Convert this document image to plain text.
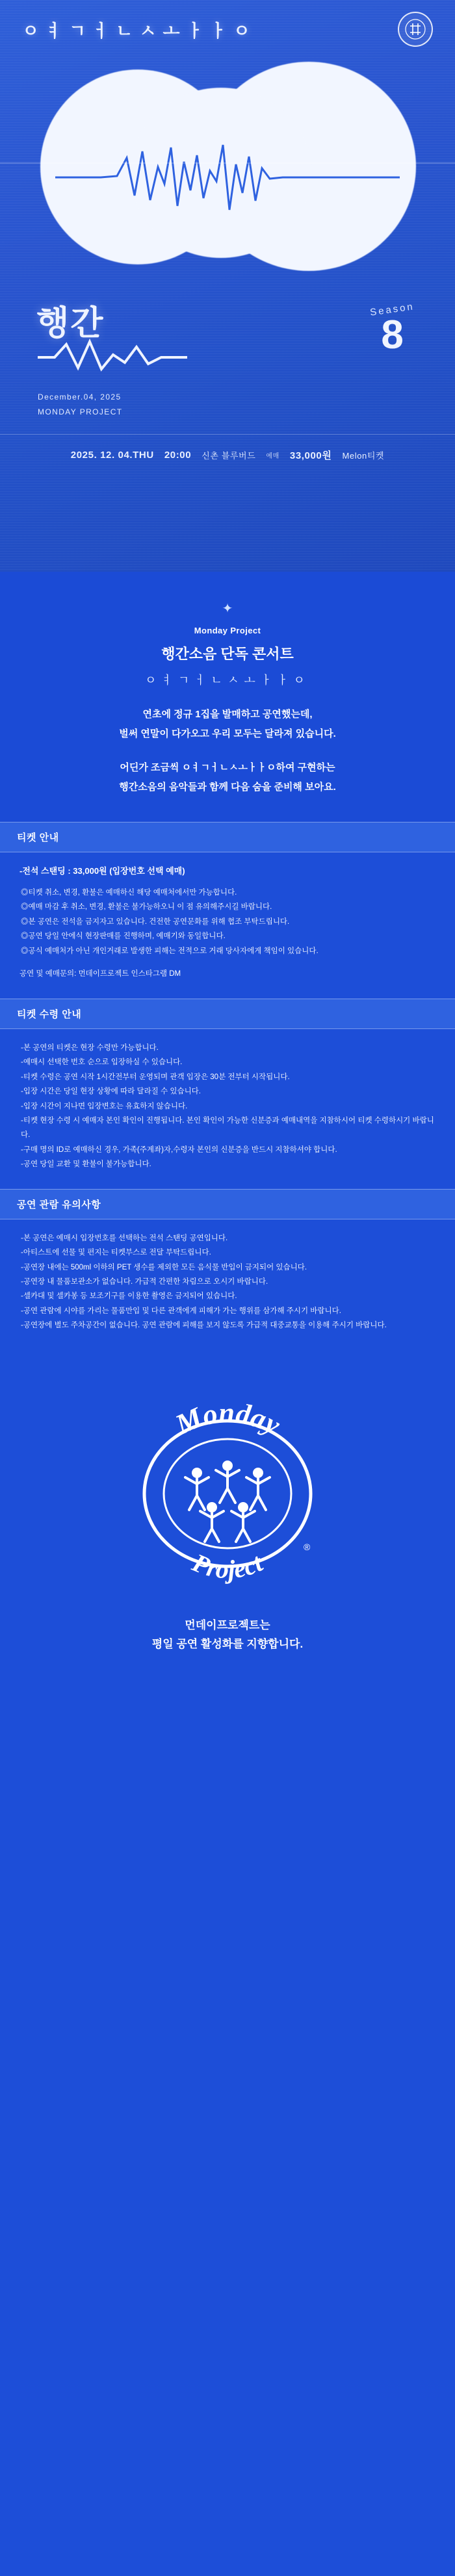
ㅇㅕㄱㅓㄴㅅㅗㅏㅏㅇ
행간	Season
8
December.04, 2025
MONDAY PROJECT
2025. 12. 04.THU 20:00 신촌 블루버드 예매 33,000원 Melon티켓
✦
Monday Project
행간소음 단독 콘서트
ㅇㅕㄱㅓㄴㅅㅗㅏㅏㅇ

연초에 정규 1집을 발매하고 공연했는데,

벌써 연말이 다가오고 우리 모두는 달라져 있습니다.

어딘가 조금씩 ㅇㅕㄱㅓㄴㅅㅗㅏㅏㅇ하여 구현하는

행간소음의 음악들과 함께 다음 숨을 준비해 보아요.

티켓 안내
-전석 스탠딩 : 33,000원 (입장번호 선택 예매)
◎티켓 취소, 변경, 환불은 예매하신 해당 예매처에서만 가능합니다.
◎예매 마감 후 취소, 변경, 환불은 불가능하오니 이 점 유의해주시길 바랍니다.
◎본 공연은 전석을 금지자고 있습니다. 건전한 공연문화를 위해 협조 부탁드립니다.
◎공연 당일 안에식 현장판매를 진행하며, 예매기와 동일합니다.
◎공식 예매처가 아닌 개인거래로 발생한 피해는 전적으로 거래 당사자에게 책임이 있습니다.
공연 및 예매문의: 먼데이프로젝트 인스타그램 DM
티켓 수령 안내
-본 공연의 티켓은 현장 수령만 가능합니다.
-예매시 선택한 번호 순으로 입장하실 수 있습니다.
-티켓 수령은 공연 시작 1시간전부터 운영되며 관객 입장은 30분 전부터 시작됩니다.
-입장 시간은 당일 현장 상황에 따라 달라질 수 있습니다.
-입장 시간이 지나면 입장변호는 유효하지 않습니다.
-티켓 현장 수령 시 예매자 본인 확인이 진행됩니다. 본인 확인이 가능한 신분증과 예매내역을 지참하시어 티켓 수령하시기 바랍니다.
-구매 명의 ID로 예매하신 경우, 가족(주계좌)자,수령자 본인의 신분증을 반드시 지참하셔야 합니다.
-공연 당일 교환 및 환불이 불가능합니다.
공연 관람 유의사항
-본 공연은 예매시 입장번호를 선택하는 전석 스탠딩 공연입니다.
-아티스트에 선물 및 편지는 티켓부스로 전달 부탁드립니다.
-공연장 내에는 500ml 이하의 PET 생수를 제외한 모든 음식물 반입이 금지되어 있습니다.
-공연장 내 물품보관소가 없습니다. 가급적 간편한 차림으로 오시기 바랍니다.
-셀카대 및 셀카봉 등 보조기구를 이용한 촬영은 금지되어 있습니다.
-공연 관람에 시야를 가리는 물품만입 및 다른 관객에게 피해가 가는 행위를 삼가해 주시기 바랍니다.
-공연장에 별도 주차공간이 없습니다. 공연 관람에 피해를 보지 않도록 가급적 대중교통을 이용해 주시기 바랍니다.
Monday
Project
®
먼데이프로젝트는
평일 공연 활성화를 지향합니다.
